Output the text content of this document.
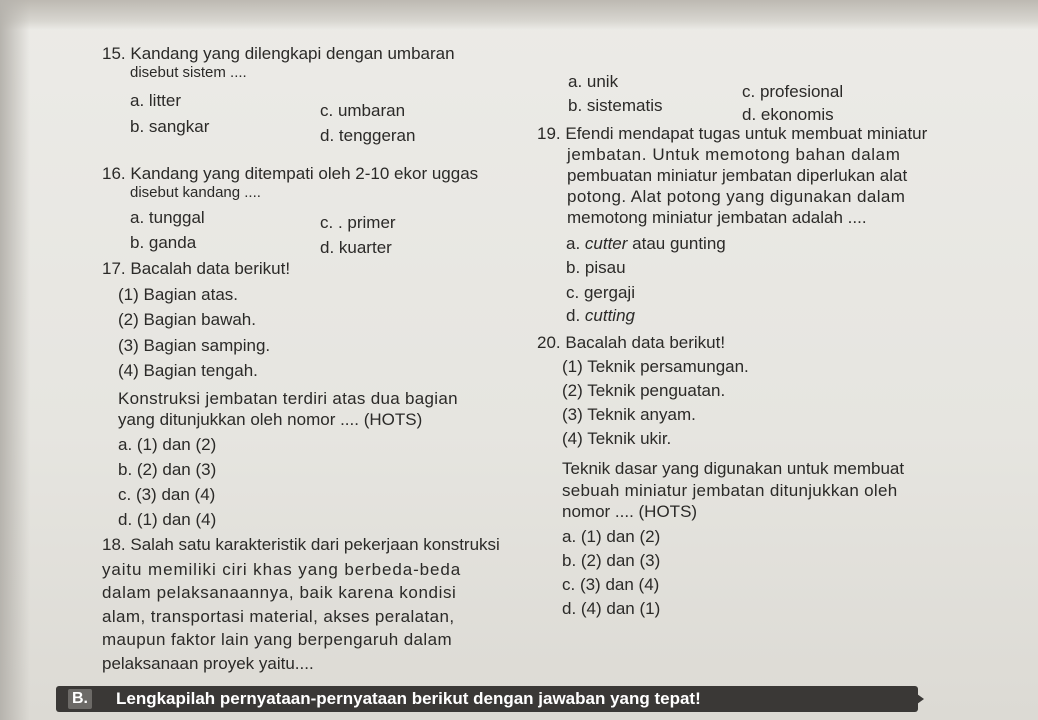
15. Kandang yang dilengkapi dengan umbaran
disebut sistem ....
a. litter
b. sangkar
c. umbaran
d. tenggeran
a. unik
b. sistematis
c. profesional
d. ekonomis
19. Efendi mendapat tugas untuk membuat miniatur
jembatan. Untuk memotong bahan dalam
pembuatan miniatur jembatan diperlukan alat
potong. Alat potong yang digunakan dalam
memotong miniatur jembatan adalah ....
a. cutter atau gunting
b. pisau
c. gergaji
d. cutting
16. Kandang yang ditempati oleh 2-10 ekor uggas
disebut kandang ....
a. tunggal
b. ganda
c. . primer
d. kuarter
17. Bacalah data berikut!
(1) Bagian atas.
(2) Bagian bawah.
(3) Bagian samping.
(4) Bagian tengah.
Konstruksi jembatan terdiri atas dua bagian
yang ditunjukkan oleh nomor .... (HOTS)
a. (1) dan (2)
b. (2) dan (3)
c. (3) dan (4)
d. (1) dan (4)
20. Bacalah data berikut!
(1) Teknik persamungan.
(2) Teknik penguatan.
(3) Teknik anyam.
(4) Teknik ukir.
Teknik dasar yang digunakan untuk membuat
sebuah miniatur jembatan ditunjukkan oleh
nomor .... (HOTS)
a. (1) dan (2)
b. (2) dan (3)
c. (3) dan (4)
d. (4) dan (1)
18. Salah satu karakteristik dari pekerjaan konstruksi
yaitu memiliki ciri khas yang berbeda-beda
dalam pelaksanaannya, baik karena kondisi
alam, transportasi material, akses peralatan,
maupun faktor lain yang berpengaruh dalam
pelaksanaan proyek yaitu....
B. Lengkapilah pernyataan-pernyataan berikut dengan jawaban yang tepat!
